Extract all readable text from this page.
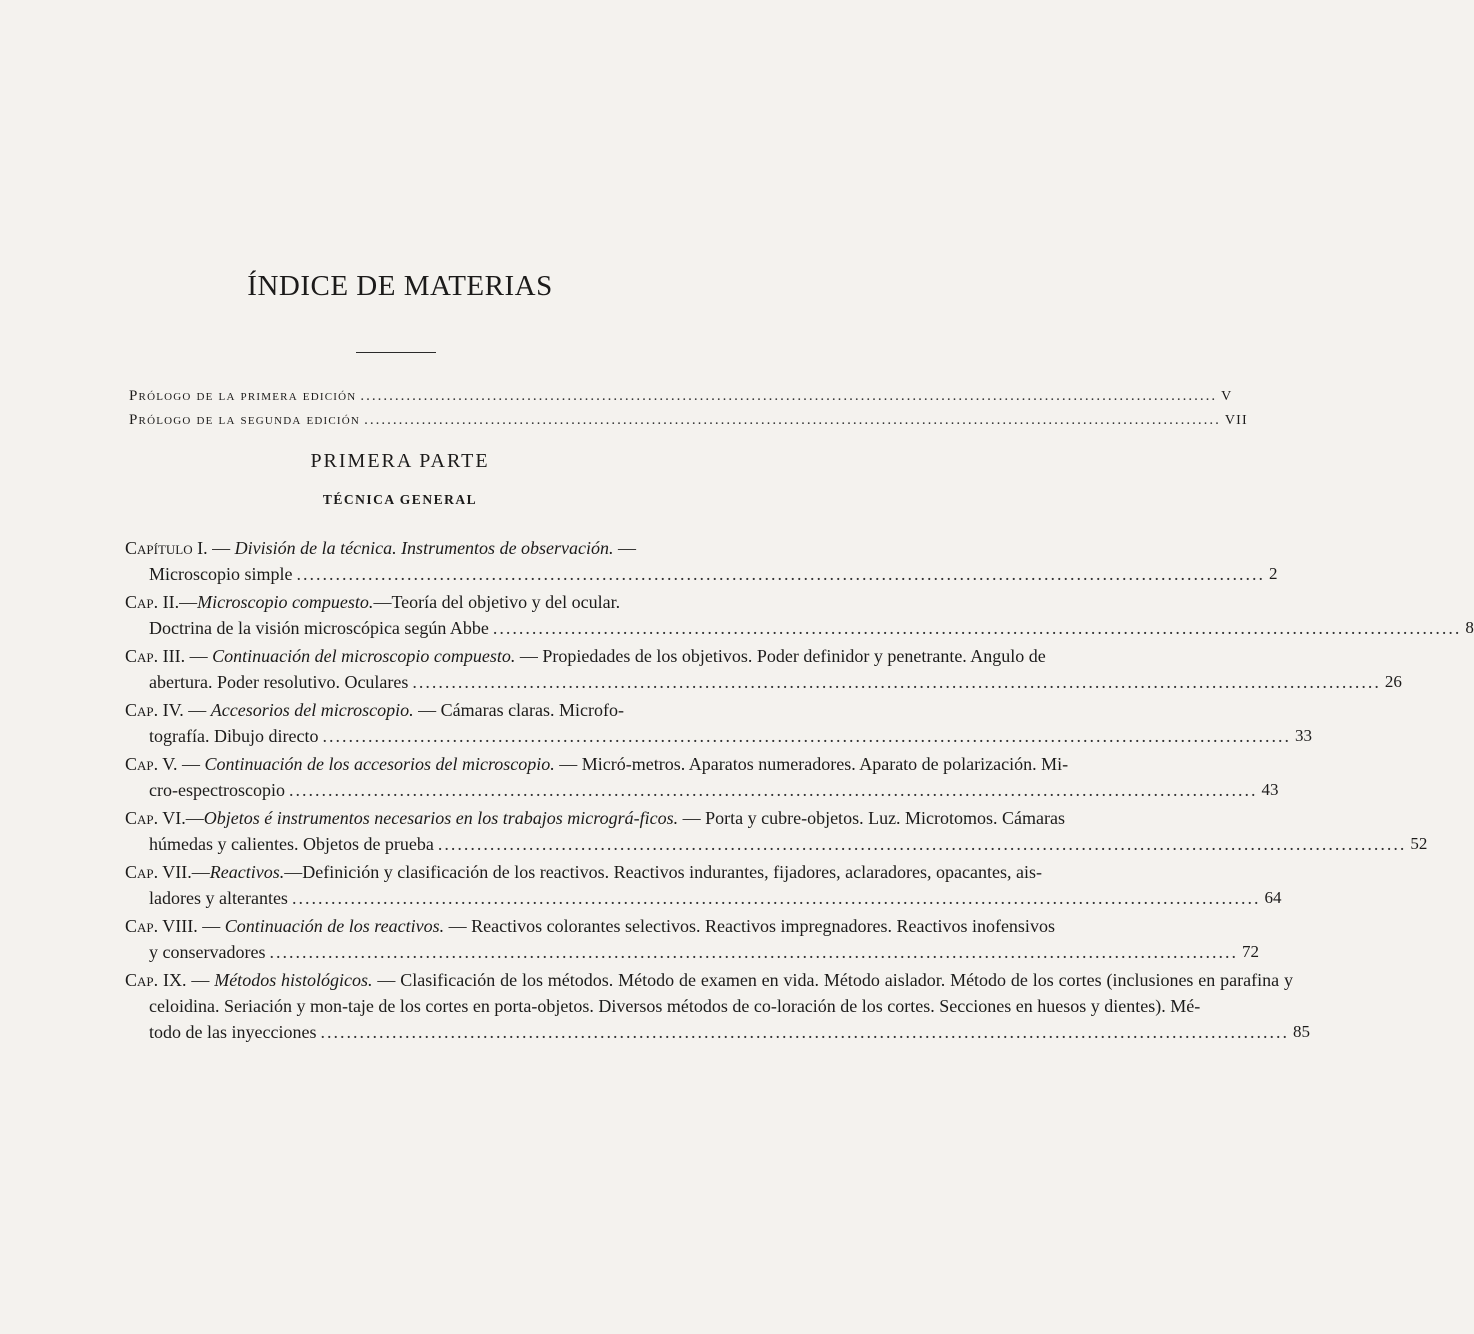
ÍNDICE DE MATERIAS
Prólogo de la primera edición .....	V
Prólogo de la segunda edición .....	VII
PRIMERA PARTE
TÉCNICA GENERAL
Capítulo I. — División de la técnica. Instrumentos de observación. —
Microscopio simple .....	2
Cap. II.—Microscopio compuesto.—Teoría del objetivo y del ocular.
Doctrina de la visión microscópica según Abbe .....	8
Cap. III. — Continuación del microscopio compuesto. — Propiedades de los objetivos. Poder definidor y penetrante. Angulo de
abertura. Poder resolutivo. Oculares .....	26
Cap. IV. — Accesorios del microscopio. — Cámaras claras. Microfo-
tografía. Dibujo directo .....	33
Cap. V. — Continuación de los accesorios del microscopio. — Micró-metros. Aparatos numeradores. Aparato de polarización. Mi-
cro-espectroscopio .....	43
Cap. VI.—Objetos é instrumentos necesarios en los trabajos micrográ-ficos. — Porta y cubre-objetos. Luz. Microtomos. Cámaras
húmedas y calientes. Objetos de prueba .....	52
Cap. VII.—Reactivos.—Definición y clasificación de los reactivos. Reactivos indurantes, fijadores, aclaradores, opacantes, ais-
ladores y alterantes .....	64
Cap. VIII. — Continuación de los reactivos. — Reactivos colorantes selectivos. Reactivos impregnadores. Reactivos inofensivos
y conservadores .....	72
Cap. IX. — Métodos histológicos. — Clasificación de los métodos. Método de examen en vida. Método aislador. Método de los cortes (inclusiones en parafina y celoidina. Seriación y mon-taje de los cortes en porta-objetos. Diversos métodos de co-loración de los cortes. Secciones en huesos y dientes). Mé-
todo de las inyecciones .....	85
